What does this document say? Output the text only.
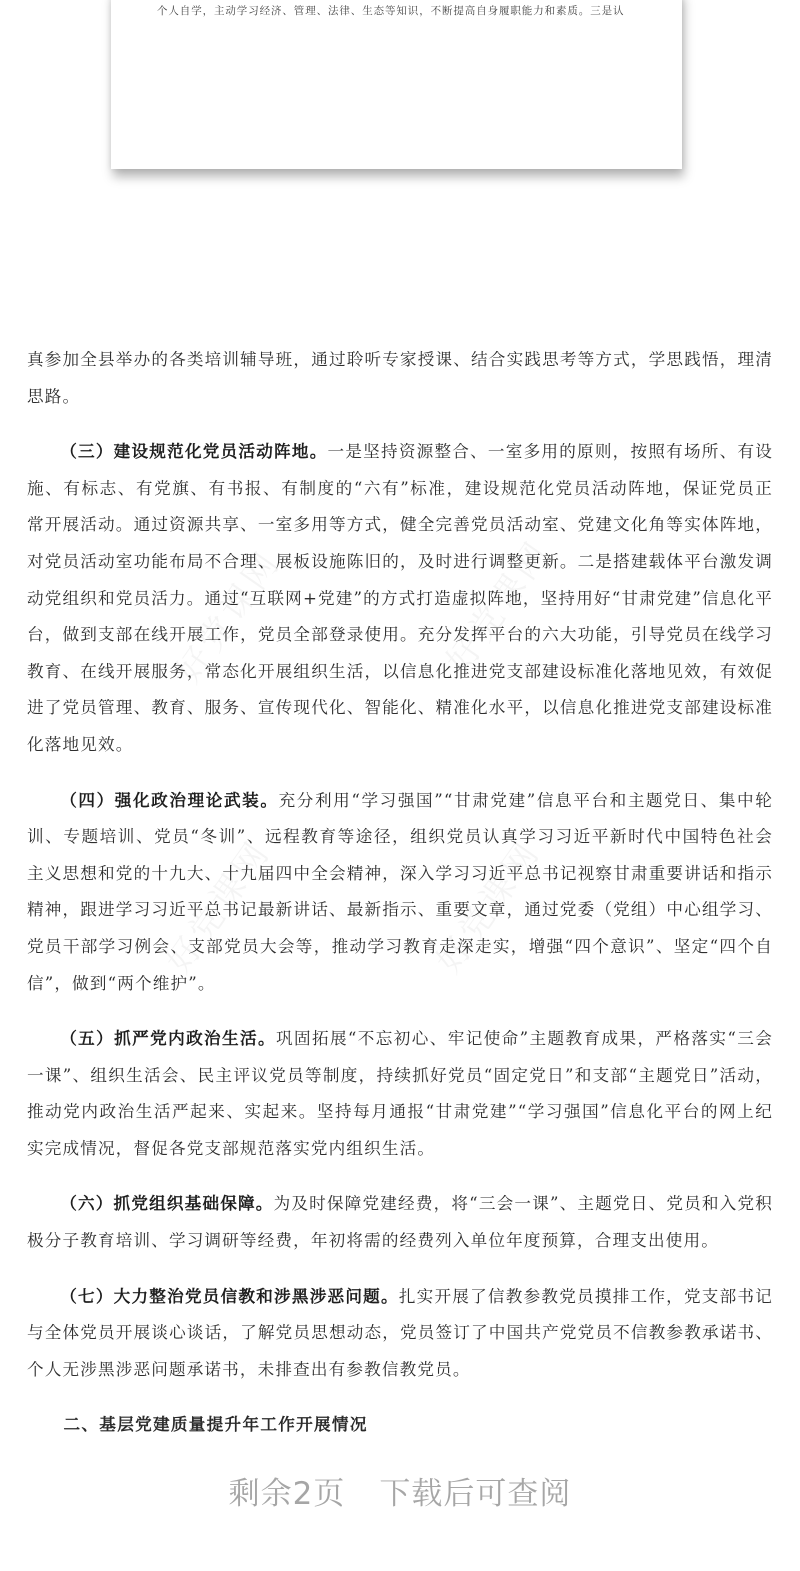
个人自学，主动学习经济、管理、法律、生态等知识，不断提高自身履职能力和素质。三是认

真参加全县举办的各类培训辅导班，通过聆听专家授课、结合实践思考等方式，学思践悟，理清思路。

（三）建设规范化党员活动阵地。一是坚持资源整合、一室多用的原则，按照有场所、有设施、有标志、有党旗、有书报、有制度的“六有”标准，建设规范化党员活动阵地，保证党员正常开展活动。通过资源共享、一室多用等方式，健全完善党员活动室、党建文化角等实体阵地，对党员活动室功能布局不合理、展板设施陈旧的，及时进行调整更新。二是搭建载体平台激发调动党组织和党员活力。通过“互联网+党建”的方式打造虚拟阵地，坚持用好“甘肃党建”信息化平台，做到支部在线开展工作，党员全部登录使用。充分发挥平台的六大功能，引导党员在线学习教育、在线开展服务，常态化开展组织生活，以信息化推进党支部建设标准化落地见效，有效促进了党员管理、教育、服务、宣传现代化、智能化、精准化水平，以信息化推进党支部建设标准化落地见效。

（四）强化政治理论武装。充分利用“学习强国”“甘肃党建”信息平台和主题党日、集中轮训、专题培训、党员“冬训”、远程教育等途径，组织党员认真学习习近平新时代中国特色社会主义思想和党的十九大、十九届四中全会精神，深入学习习近平总书记视察甘肃重要讲话和指示精神，跟进学习习近平总书记最新讲话、最新指示、重要文章，通过党委（党组）中心组学习、党员干部学习例会、支部党员大会等，推动学习教育走深走实，增强“四个意识”、坚定“四个自信”，做到“两个维护”。

（五）抓严党内政治生活。巩固拓展“不忘初心、牢记使命”主题教育成果，严格落实“三会一课”、组织生活会、民主评议党员等制度，持续抓好党员“固定党日”和支部“主题党日”活动，推动党内政治生活严起来、实起来。坚持每月通报“甘肃党建”“学习强国”信息化平台的网上纪实完成情况，督促各党支部规范落实党内组织生活。

（六）抓党组织基础保障。为及时保障党建经费，将“三会一课”、主题党日、党员和入党积极分子教育培训、学习调研等经费，年初将需的经费列入单位年度预算，合理支出使用。

（七）大力整治党员信教和涉黑涉恶问题。扎实开展了信教参教党员摸排工作，党支部书记与全体党员开展谈心谈话，了解党员思想动态，党员签订了中国共产党党员不信教参教承诺书、个人无涉黑涉恶问题承诺书，未排查出有参教信教党员。

二、基层党建质量提升年工作开展情况

剩余2页 下载后可查阅
